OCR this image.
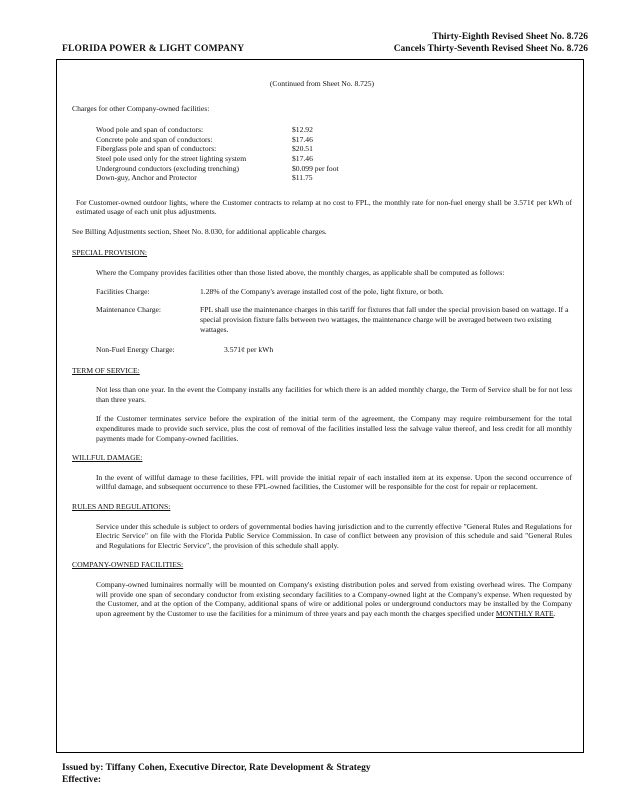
FLORIDA POWER & LIGHT COMPANY
Thirty-Eighth Revised Sheet No. 8.726
Cancels Thirty-Seventh Revised Sheet No. 8.726

(Continued from Sheet No. 8.725)

Charges for other Company-owned facilities:

Wood pole and span of conductors:	$12.92
Concrete pole and span of conductors:	$17.46
Fiberglass pole and span of conductors:	$20.51
Steel pole used only for the street lighting system	$17.46
Underground conductors (excluding trenching)	$0.099 per foot
Down-guy, Anchor and Protector	$11.75

For Customer-owned outdoor lights, where the Customer contracts to relamp at no cost to FPL, the monthly rate for non-fuel energy shall be 3.571¢ per kWh of estimated usage of each unit plus adjustments.

See Billing Adjustments section, Sheet No. 8.030, for additional applicable charges.

SPECIAL PROVISION:

Where the Company provides facilities other than those listed above, the monthly charges, as applicable shall be computed as follows:

Facilities Charge:	1.28% of the Company's average installed cost of the pole, light fixture, or both.
Maintenance Charge:	FPL shall use the maintenance charges in this tariff for fixtures that fall under the special provision based on wattage. If a special provision fixture falls between two wattages, the maintenance charge will be averaged between two existing wattages.
Non-Fuel Energy Charge:	3.571¢ per kWh

TERM OF SERVICE:

Not less than one year. In the event the Company installs any facilities for which there is an added monthly charge, the Term of Service shall be for not less than three years.

If the Customer terminates service before the expiration of the initial term of the agreement, the Company may require reimbursement for the total expenditures made to provide such service, plus the cost of removal of the facilities installed less the salvage value thereof, and less credit for all monthly payments made for Company-owned facilities.

WILLFUL DAMAGE:

In the event of willful damage to these facilities, FPL will provide the initial repair of each installed item at its expense. Upon the second occurrence of willful damage, and subsequent occurrence to these FPL-owned facilities, the Customer will be responsible for the cost for repair or replacement.

RULES AND REGULATIONS:

Service under this schedule is subject to orders of governmental bodies having jurisdiction and to the currently effective "General Rules and Regulations for Electric Service" on file with the Florida Public Service Commission. In case of conflict between any provision of this schedule and said "General Rules and Regulations for Electric Service", the provision of this schedule shall apply.

COMPANY-OWNED FACILITIES:

Company-owned luminaires normally will be mounted on Company's existing distribution poles and served from existing overhead wires. The Company will provide one span of secondary conductor from existing secondary facilities to a Company-owned light at the Company's expense. When requested by the Customer, and at the option of the Company, additional spans of wire or additional poles or underground conductors may be installed by the Company upon agreement by the Customer to use the facilities for a minimum of three years and pay each month the charges specified under MONTHLY RATE.

Issued by: Tiffany Cohen, Executive Director, Rate Development & Strategy
Effective:
